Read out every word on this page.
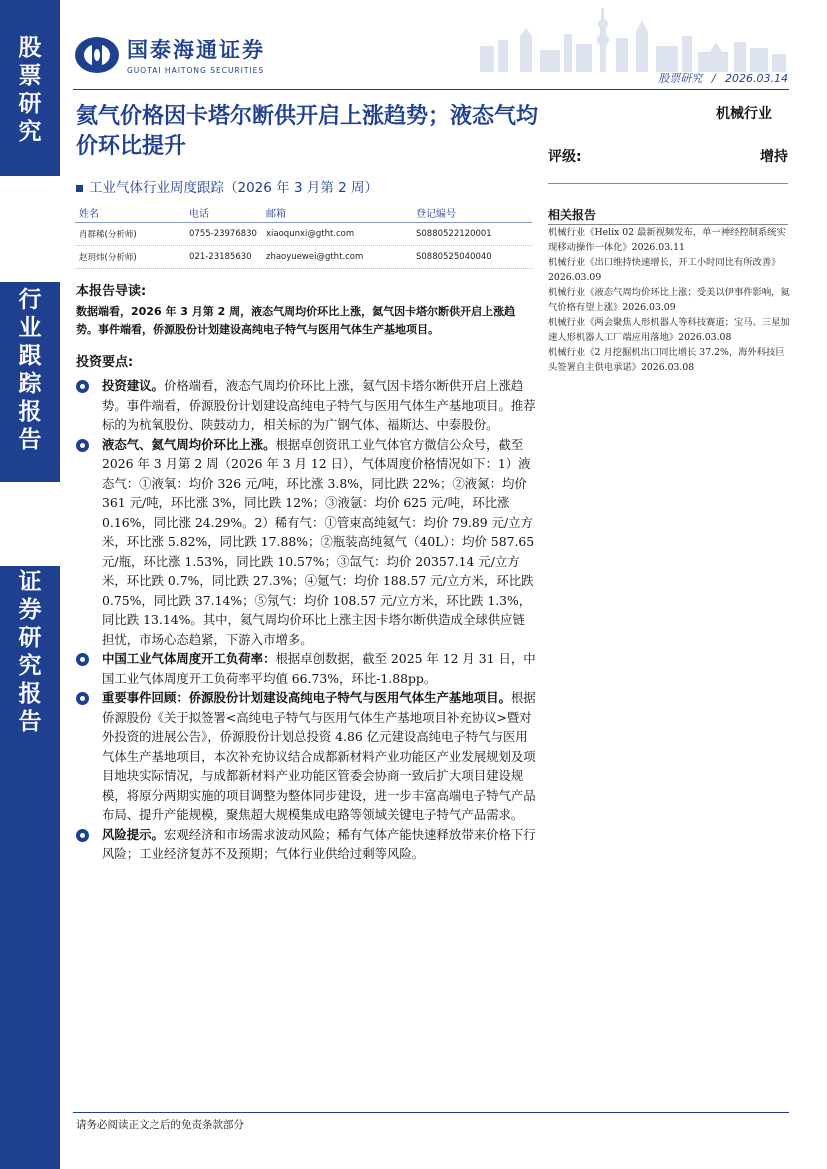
股
票
研
究
行
业
跟
踪
报
告
证
券
研
究
报
告
国泰海通证券
GUOTAI HAITONG SECURITIES
股票研究 / 2026.03.14
氦气价格因卡塔尔断供开启上涨趋势；液态气均价环比提升
工业气体行业周度跟踪（2026 年 3 月第 2 周）
机械行业
评级:	增持
姓名	电话	邮箱	登记编号
肖群稀(分析师)	0755-23976830	xiaoqunxi@gtht.com	S0880522120001
赵玥炜(分析师)	021-23185630	zhaoyuewei@gtht.com	S0880525040040
本报告导读:
数据端看，2026 年 3 月第 2 周，液态气周均价环比上涨，氦气因卡塔尔断供开启上涨趋势。事件端看，侨源股份计划建设高纯电子特气与医用气体生产基地项目。
投资要点:
投资建议。价格端看，液态气周均价环比上涨，氦气因卡塔尔断供开启上涨趋势。事件端看，侨源股份计划建设高纯电子特气与医用气体生产基地项目。推荐标的为杭氧股份、陕鼓动力，相关标的为广钢气体、福斯达、中泰股份。
液态气、氦气周均价环比上涨。根据卓创资讯工业气体官方微信公众号，截至 2026 年 3 月第 2 周（2026 年 3 月 12 日），气体周度价格情况如下：1）液态气：①液氧：均价 326 元/吨，环比涨 3.8%，同比跌 22%；②液氮：均价 361 元/吨，环比涨 3%，同比跌 12%；③液氩：均价 625 元/吨，环比涨 0.16%，同比涨 24.29%。2）稀有气：①管束高纯氦气：均价 79.89 元/立方米，环比涨 5.82%，同比跌 17.88%；②瓶装高纯氦气（40L）：均价 587.65 元/瓶，环比涨 1.53%，同比跌 10.57%；③氙气：均价 20357.14 元/立方米，环比跌 0.7%，同比跌 27.3%；④氪气：均价 188.57 元/立方米，环比跌 0.75%，同比跌 37.14%；⑤氖气：均价 108.57 元/立方米，环比跌 1.3%，同比跌 13.14%。其中，氦气周均价环比上涨主因卡塔尔断供造成全球供应链担忧，市场心态趋紧，下游入市增多。
中国工业气体周度开工负荷率：根据卓创数据，截至 2025 年 12 月 31 日，中国工业气体周度开工负荷率平均值 66.73%，环比-1.88pp。
重要事件回顾：侨源股份计划建设高纯电子特气与医用气体生产基地项目。根据侨源股份《关于拟签署<高纯电子特气与医用气体生产基地项目补充协议>暨对外投资的进展公告》，侨源股份计划总投资 4.86 亿元建设高纯电子特气与医用气体生产基地项目，本次补充协议结合成都新材料产业功能区产业发展规划及项目地块实际情况，与成都新材料产业功能区管委会协商一致后扩大项目建设规模，将原分两期实施的项目调整为整体同步建设，进一步丰富高端电子特气产品布局、提升产能规模，聚焦超大规模集成电路等领域关键电子特气产品需求。
风险提示。宏观经济和市场需求波动风险；稀有气体产能快速释放带来价格下行风险；工业经济复苏不及预期；气体行业供给过剩等风险。
相关报告
机械行业《Helix 02 最新视频发布，单一神经控制系统实现移动操作一体化》2026.03.11
机械行业《出口维持快速增长，开工小时同比有所改善》2026.03.09
机械行业《液态气周均价环比上涨；受美以伊事件影响，氦气价格有望上涨》2026.03.09
机械行业《两会聚焦人形机器人等科技赛道；宝马、三星加速人形机器人工厂端应用落地》2026.03.08
机械行业《2 月挖掘机出口同比增长 37.2%，海外科技巨头签署自主供电承诺》2026.03.08
请务必阅读正文之后的免责条款部分
